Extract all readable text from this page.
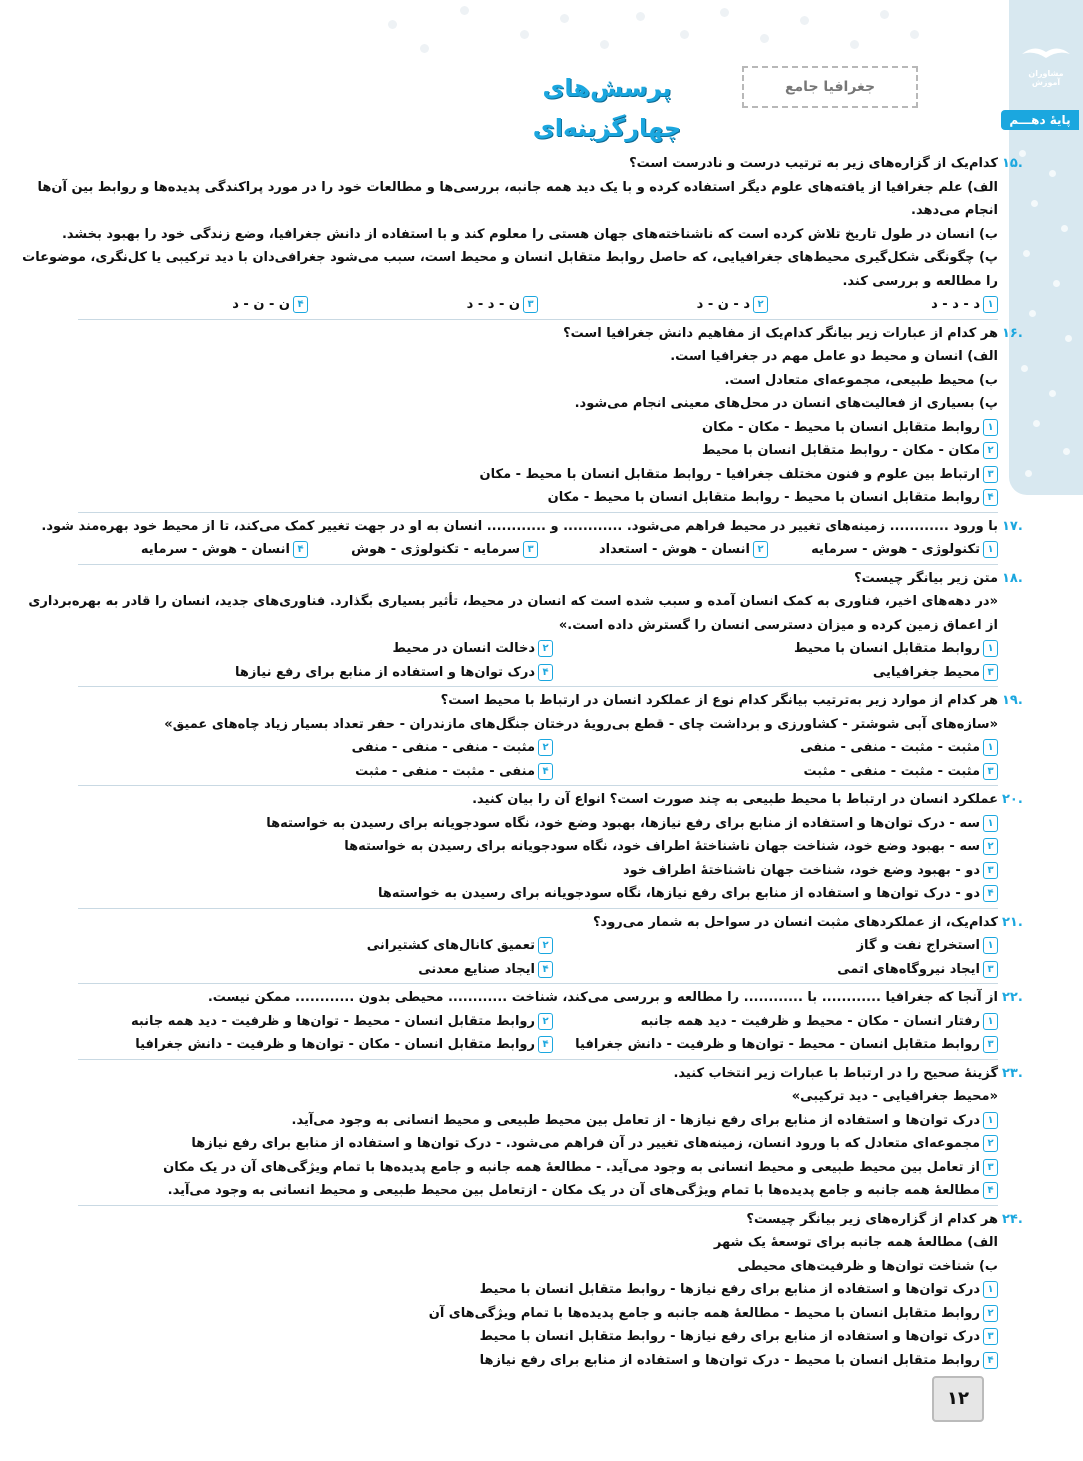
مشاوران آموزش
پایهٔ دهـــم
پرسش‌های چهارگزینه‌ای
جغرافیا جامع
۱۵.
کدام‌یک از گزاره‌های زیر به ترتیب درست و نادرست است؟
الف) علم جغرافیا از یافته‌های علوم دیگر استفاده کرده و با یک دید همه جانبه، بررسی‌ها و مطالعات خود را در مورد پراکندگی پدیده‌ها و روابط بین آن‌ها
انجام می‌دهد.
ب) انسان در طول تاریخ تلاش کرده است که ناشناخته‌های جهان هستی را معلوم کند و با استفاده از دانش جغرافیا، وضع زندگی خود را بهبود بخشد.
پ) چگونگی شکل‌گیری محیط‌های جغرافیایی، که حاصل روابط متقابل انسان و محیط است، سبب می‌شود جغرافی‌دان با دید ترکیبی یا کل‌نگری، موضوعات
را مطالعه و بررسی کند.
۱د - د - د
۲د - ن - د
۳ن - د - د
۴ن - ن - د
۱۶.
هر کدام از عبارات زیر بیانگر کدام‌یک از مفاهیم دانش جغرافیا است؟
الف) انسان و محیط دو عامل مهم در جغرافیا است.
ب) محیط طبیعی، مجموعه‌ای متعادل است.
پ) بسیاری از فعالیت‌های انسان در محل‌های معینی انجام می‌شود.
۱روابط متقابل انسان با محیط - مکان - مکان
۲مکان - مکان - روابط متقابل انسان با محیط
۳ارتباط بین علوم و فنون مختلف جغرافیا - روابط متقابل انسان با محیط - مکان
۴روابط متقابل انسان با محیط - روابط متقابل انسان با محیط - مکان
۱۷.
با ورود ............ زمینه‌های تغییر در محیط فراهم می‌شود. ............ و ............ انسان به او در جهت تغییر کمک می‌کند، تا از محیط خود بهره‌مند شود.
۱تکنولوژی - هوش - سرمایه
۲انسان - هوش - استعداد
۳سرمایه - تکنولوژی - هوش
۴انسان - هوش - سرمایه
۱۸.
متن زیر بیانگر چیست؟
«در دهه‌های اخیر، فناوری به کمک انسان آمده و سبب شده است که انسان در محیط، تأثیر بسیاری بگذارد. فناوری‌های جدید، انسان را قادر به بهره‌برداری
از اعماق زمین کرده و میزان دسترسی انسان را گسترش داده است.»
۱روابط متقابل انسان با محیط
۲دخالت انسان در محیط
۳محیط جغرافیایی
۴درک توان‌ها و استفاده از منابع برای رفع نیازها
۱۹.
هر کدام از موارد زیر به‌ترتیب بیانگر کدام نوع از عملکرد انسان در ارتباط با محیط است؟
«سازه‌های آبی شوشتر - کشاورزی و برداشت چای - قطع بی‌رویهٔ درختان جنگل‌های مازندران - حفر تعداد بسیار زیاد چاه‌های عمیق»
۱مثبت - مثبت - منفی - منفی
۲مثبت - منفی - منفی - منفی
۳مثبت - مثبت - منفی - مثبت
۴منفی - مثبت - منفی - مثبت
۲۰.
عملکرد انسان در ارتباط با محیط طبیعی به چند صورت است؟ انواع آن را بیان کنید.
۱سه - درک توان‌ها و استفاده از منابع برای رفع نیازها، بهبود وضع خود، نگاه سودجویانه برای رسیدن به خواسته‌ها
۲سه - بهبود وضع خود، شناخت جهان ناشناختهٔ اطراف خود، نگاه سودجویانه برای رسیدن به خواسته‌ها
۳دو - بهبود وضع خود، شناخت جهان ناشناختهٔ اطراف خود
۴دو - درک توان‌ها و استفاده از منابع برای رفع نیازها، نگاه سودجویانه برای رسیدن به خواسته‌ها
۲۱.
کدام‌یک، از عملکردهای مثبت انسان در سواحل به شمار می‌رود؟
۱استخراج نفت و گاز
۲تعمیق کانال‌های کشتیرانی
۳ایجاد نیروگاه‌های اتمی
۴ایجاد صنایع معدنی
۲۲.
از آنجا که جغرافیا ............ با ............ را مطالعه و بررسی می‌کند، شناخت ............ محیطی بدون ............ ممکن نیست.
۱رفتار انسان - مکان - محیط و ظرفیت - دید همه جانبه
۲روابط متقابل انسان - محیط - توان‌ها و ظرفیت - دید همه جانبه
۳روابط متقابل انسان - محیط - توان‌ها و ظرفیت - دانش جغرافیا
۴روابط متقابل انسان - مکان - توان‌ها و ظرفیت - دانش جغرافیا
۲۳.
گزینهٔ صحیح را در ارتباط با عبارات زیر انتخاب کنید.
«محیط جغرافیایی - دید ترکیبی»
۱درک توان‌ها و استفاده از منابع برای رفع نیازها - از تعامل بین محیط طبیعی و محیط انسانی به وجود می‌آید.
۲مجموعه‌ای متعادل که با ورود انسان، زمینه‌های تغییر در آن فراهم می‌شود. - درک توان‌ها و استفاده از منابع برای رفع نیازها
۳از تعامل بین محیط طبیعی و محیط انسانی به وجود می‌آید. - مطالعهٔ همه جانبه و جامع پدیده‌ها با تمام ویژگی‌های آن در یک مکان
۴مطالعهٔ همه جانبه و جامع پدیده‌ها با تمام ویژگی‌های آن در یک مکان - ازتعامل بین محیط طبیعی و محیط انسانی به وجود می‌آید.
۲۴.
هر کدام از گزاره‌های زیر بیانگر چیست؟
الف) مطالعهٔ همه جانبه برای توسعهٔ یک شهر
ب) شناخت توان‌ها و ظرفیت‌های محیطی
۱درک توان‌ها و استفاده از منابع برای رفع نیازها - روابط متقابل انسان با محیط
۲روابط متقابل انسان با محیط - مطالعهٔ همه جانبه و جامع پدیده‌ها با تمام ویژگی‌های آن
۳درک توان‌ها و استفاده از منابع برای رفع نیازها - روابط متقابل انسان با محیط
۴روابط متقابل انسان با محیط - درک توان‌ها و استفاده از منابع برای رفع نیازها
۱۲
